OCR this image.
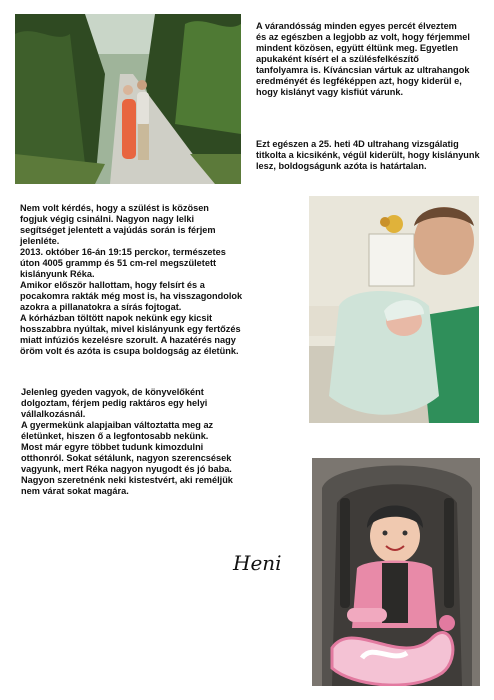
A várandósság minden egyes percét élveztem
és az egészben a legjobb az volt, hogy férjemmel
mindent közösen, együtt éltünk meg. Egyetlen
apukaként kísért el a szülésfelkészítő
tanfolyamra is. Kíváncsian vártuk az ultrahangok
eredményét és legféképpen azt, hogy kiderül e,
hogy kislányt vagy kisfiút várunk.

Ezt egészen a 25. heti 4D ultrahang vizsgálatig
titkolta a kicsikénk, végül kiderült, hogy kislányunk
lesz, boldogságunk azóta is határtalan.

Nem volt kérdés, hogy a szülést is közösen
fogjuk végig csinálni. Nagyon nagy lelki
segítséget jelentett a vajúdás során is férjem
jelenléte.
2013. október 16-án 19:15 perckor, természetes
úton 4005 grammp és 51 cm-rel megszületett
kislányunk Réka.
Amikor először hallottam, hogy felsírt és a
pocakomra rakták még most is, ha visszagondolok
azokra a pillanatokra a sírás fojtogat.
A kórházban töltött napok nekünk egy kicsit
hosszabbra nyúltak, mivel kislányunk egy fertőzés
miatt infúziós kezelésre szorult. A hazatérés nagy
öröm volt és azóta is csupa boldogság az életünk.

Jelenleg gyeden vagyok, de könyvelőként
dolgoztam, férjem pedig raktáros egy helyi
vállalkozásnál.
A gyermekünk alapjaiban változtatta meg az
életünket, hiszen ő a legfontosabb nekünk.
Most már egyre többet tudunk kimozdulni
otthonról. Sokat sétálunk, nagyon szerencsések
vagyunk, mert Réka nagyon nyugodt és jó baba.
Nagyon szeretnénk neki kistestvért, aki reméljük
nem várat sokat magára.

Heni
